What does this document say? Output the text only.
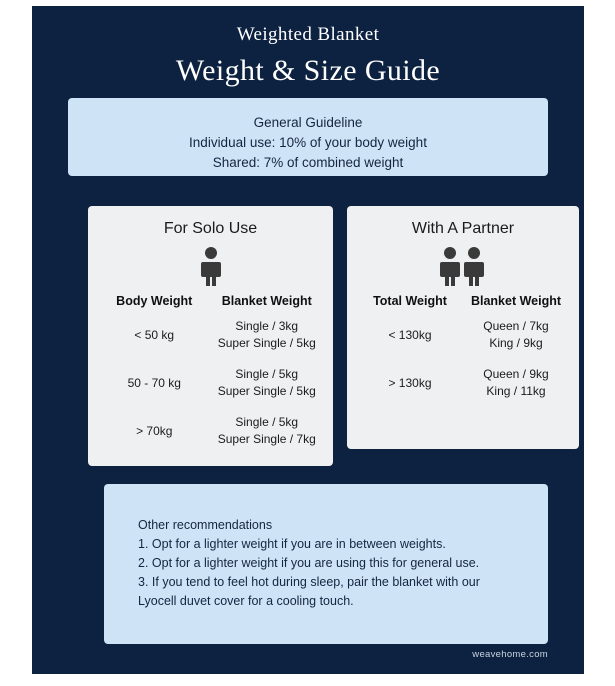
Weighted Blanket
Weight & Size Guide
General Guideline
Individual use: 10% of your body weight
Shared: 7% of combined weight
For Solo Use
Body Weight	Blanket Weight
< 50 kg
Single / 3kg
Super Single / 5kg
50 - 70 kg
Single / 5kg
Super Single / 5kg
> 70kg
Single / 5kg
Super Single / 7kg
With A Partner
Total Weight	Blanket Weight
< 130kg
Queen / 7kg
King / 9kg
> 130kg
Queen / 9kg
King / 11kg
Other recommendations
1. Opt for a lighter weight if you are in between weights.
2. Opt for a lighter weight if you are using this for general use.
3. If you tend to feel hot during sleep, pair the blanket with our
Lyocell duvet cover for a cooling touch.
weavehome.com
